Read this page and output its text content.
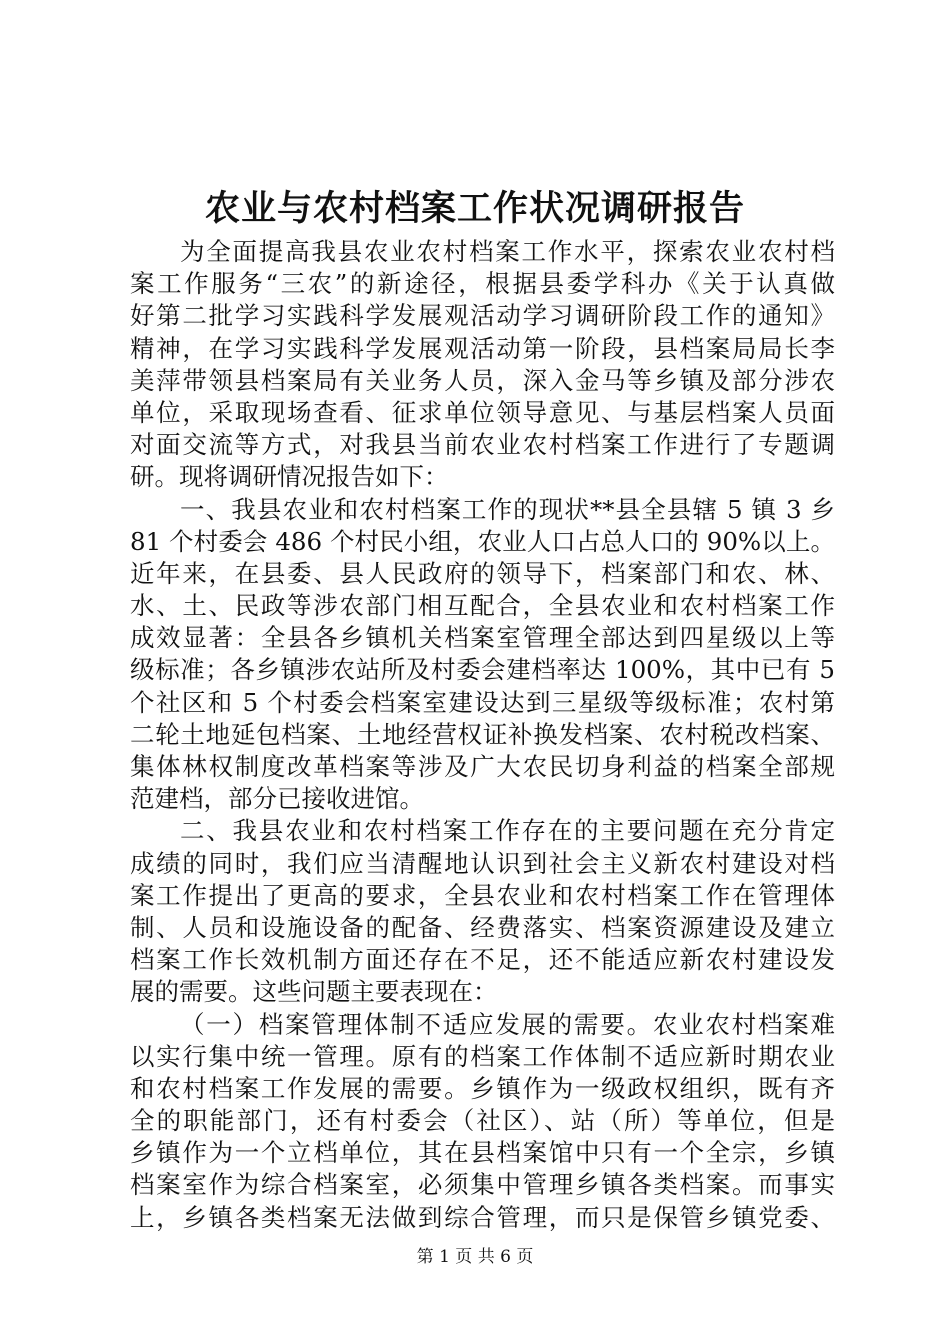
农业与农村档案工作状况调研报告
为全面提高我县农业农村档案工作水平，探索农业农村档
案工作服务“三农”的新途径，根据县委学科办《关于认真做
好第二批学习实践科学发展观活动学习调研阶段工作的通知》
精神，在学习实践科学发展观活动第一阶段，县档案局局长李
美萍带领县档案局有关业务人员，深入金马等乡镇及部分涉农
单位，采取现场查看、征求单位领导意见、与基层档案人员面
对面交流等方式，对我县当前农业农村档案工作进行了专题调
研。现将调研情况报告如下：
一、我县农业和农村档案工作的现状**县全县辖 5 镇 3 乡
81 个村委会 486 个村民小组，农业人口占总人口的 90%以上。
近年来，在县委、县人民政府的领导下，档案部门和农、林、
水、土、民政等涉农部门相互配合，全县农业和农村档案工作
成效显著：全县各乡镇机关档案室管理全部达到四星级以上等
级标准；各乡镇涉农站所及村委会建档率达 100%，其中已有 5
个社区和 5 个村委会档案室建设达到三星级等级标准；农村第
二轮土地延包档案、土地经营权证补换发档案、农村税改档案、
集体林权制度改革档案等涉及广大农民切身利益的档案全部规
范建档，部分已接收进馆。
二、我县农业和农村档案工作存在的主要问题在充分肯定
成绩的同时，我们应当清醒地认识到社会主义新农村建设对档
案工作提出了更高的要求，全县农业和农村档案工作在管理体
制、人员和设施设备的配备、经费落实、档案资源建设及建立
档案工作长效机制方面还存在不足，还不能适应新农村建设发
展的需要。这些问题主要表现在：
（一）档案管理体制不适应发展的需要。农业农村档案难
以实行集中统一管理。原有的档案工作体制不适应新时期农业
和农村档案工作发展的需要。乡镇作为一级政权组织，既有齐
全的职能部门，还有村委会（社区）、站（所）等单位，但是
乡镇作为一个立档单位，其在县档案馆中只有一个全宗，乡镇
档案室作为综合档案室，必须集中管理乡镇各类档案。而事实
上，乡镇各类档案无法做到综合管理，而只是保管乡镇党委、
第 1 页 共 6 页
